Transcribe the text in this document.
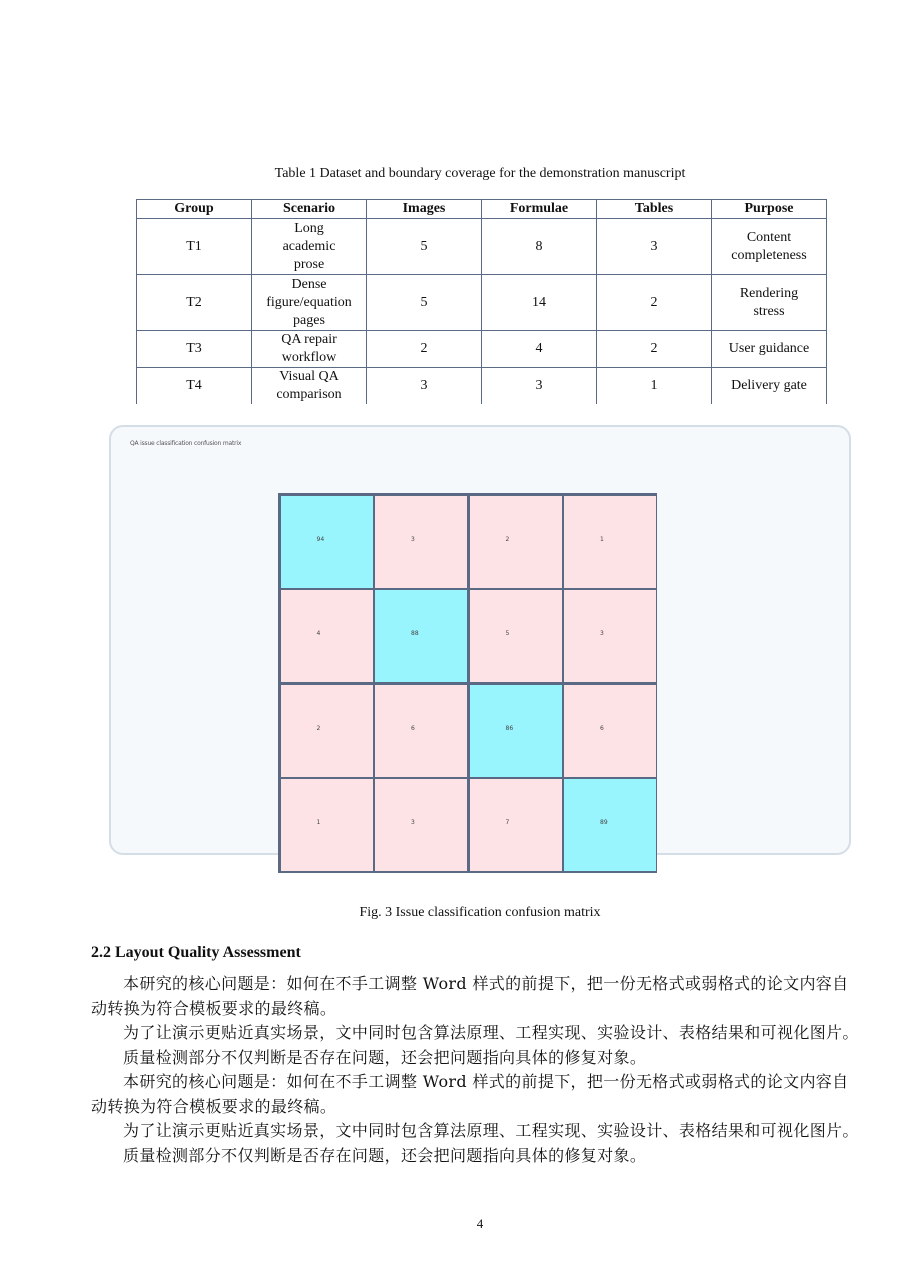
Table 1 Dataset and boundary coverage for the demonstration manuscript
Group	Scenario	Images	Formulae	Tables	Purpose
T1	Long academic prose	5	8	3	Content completeness
T2	Dense figure/equation pages	5	14	2	Rendering stress
T3	QA repair workflow	2	4	2	User guidance
T4	Visual QA comparison	3	3	1	Delivery gate
QA issue classification confusion matrix
94	3	2	1
4	88	5	3
2	6	86	6
1	3	7	89
Fig. 3 Issue classification confusion matrix
2.2 Layout Quality Assessment

本研究的核心问题是：如何在不手工调整 Word 样式的前提下，把一份无格式或弱格式的论文内容自动转换为符合模板要求的最终稿。

为了让演示更贴近真实场景，文中同时包含算法原理、工程实现、实验设计、表格结果和可视化图片。

质量检测部分不仅判断是否存在问题，还会把问题指向具体的修复对象。

本研究的核心问题是：如何在不手工调整 Word 样式的前提下，把一份无格式或弱格式的论文内容自动转换为符合模板要求的最终稿。

为了让演示更贴近真实场景，文中同时包含算法原理、工程实现、实验设计、表格结果和可视化图片。

质量检测部分不仅判断是否存在问题，还会把问题指向具体的修复对象。

4
